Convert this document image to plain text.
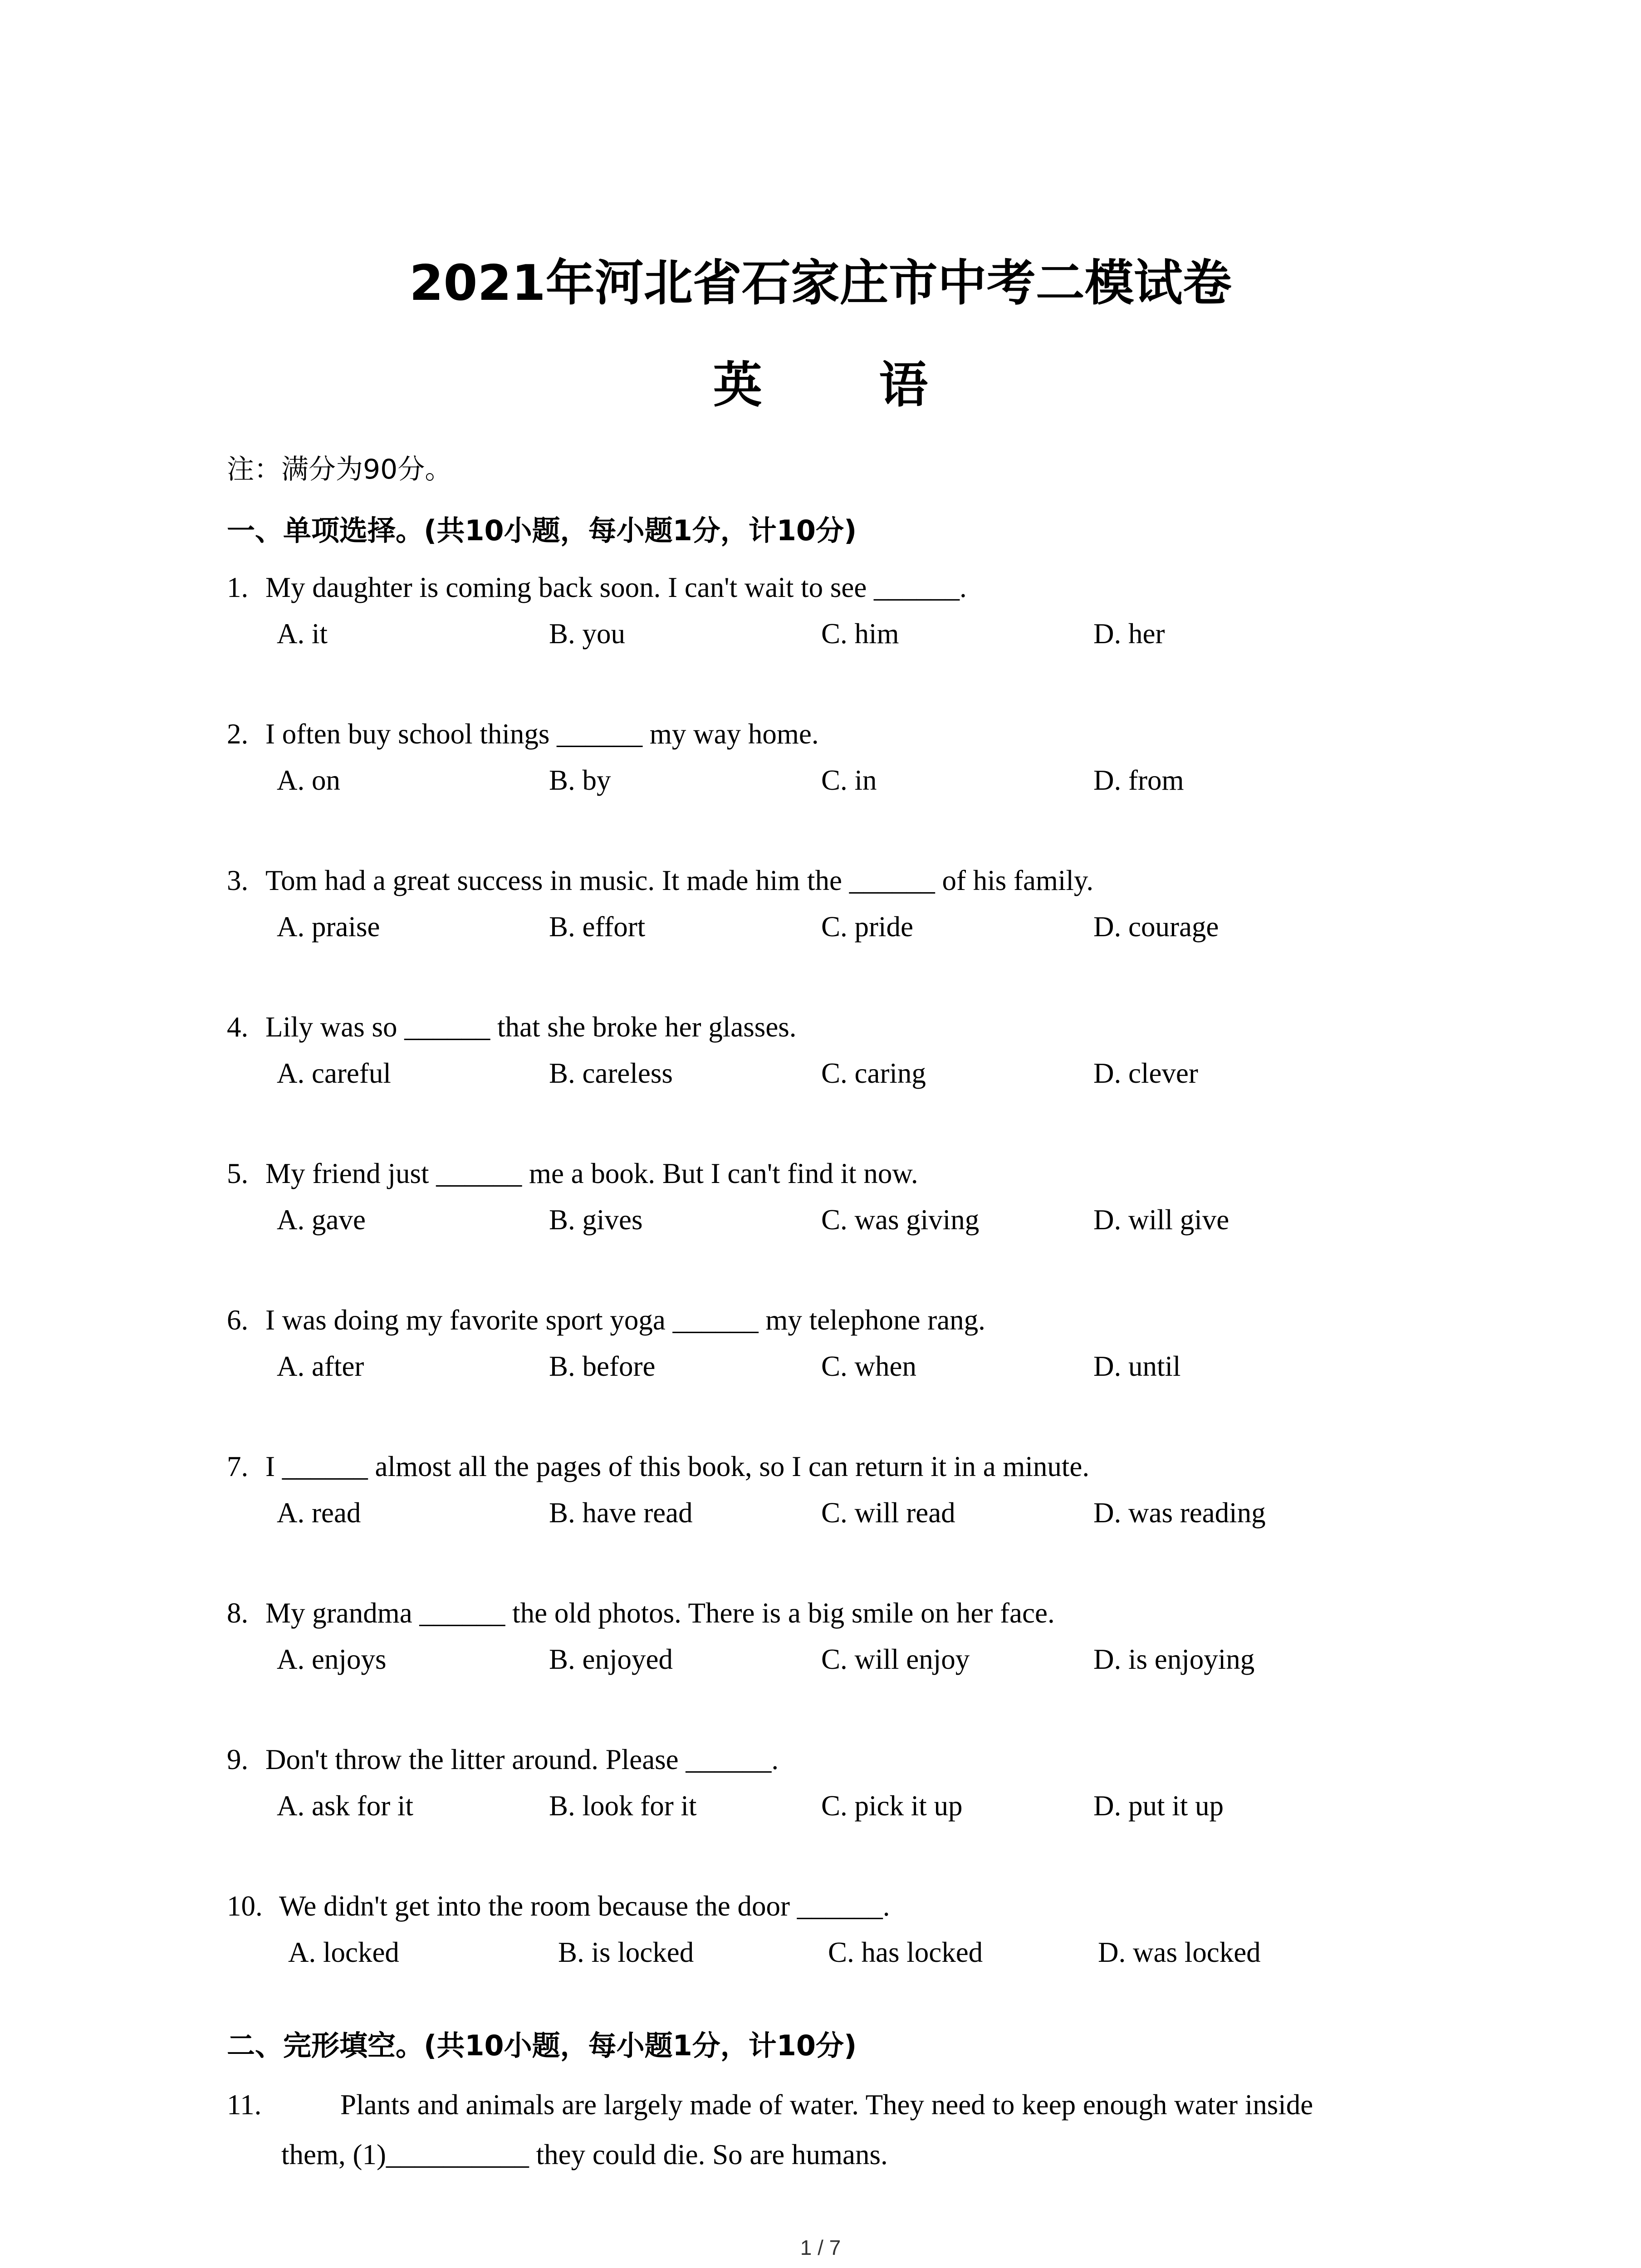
2021年河北省石家庄市中考二模试卷
英 语
注：满分为90分。
一、单项选择。(共10小题，每小题1分，计10分)
1. My daughter is coming back soon. I can't wait to see ______.
A. it	B. you	C. him	D. her
2. I often buy school things ______ my way home.
A. on	B. by	C. in	D. from
3. Tom had a great success in music. It made him the ______ of his family.
A. praise	B. effort	C. pride	D. courage
4. Lily was so ______ that she broke her glasses.
A. careful	B. careless	C. caring	D. clever
5. My friend just ______ me a book. But I can't find it now.
A. gave	B. gives	C. was giving	D. will give
6. I was doing my favorite sport yoga ______ my telephone rang.
A. after	B. before	C. when	D. until
7. I ______ almost all the pages of this book, so I can return it in a minute.
A. read	B. have read	C. will read	D. was reading
8. My grandma ______ the old photos. There is a big smile on her face.
A. enjoys	B. enjoyed	C. will enjoy	D. is enjoying
9. Don't throw the litter around. Please ______.
A. ask for it	B. look for it	C. pick it up	D. put it up
10. We didn't get into the room because the door ______.
A. locked	B. is locked	C. has locked	D. was locked
二、完形填空。(共10小题，每小题1分，计10分)
11.	Plants and animals are largely made of water. They need to keep enough water inside
them, (1)__________ they could die. So are humans.
1 / 7
